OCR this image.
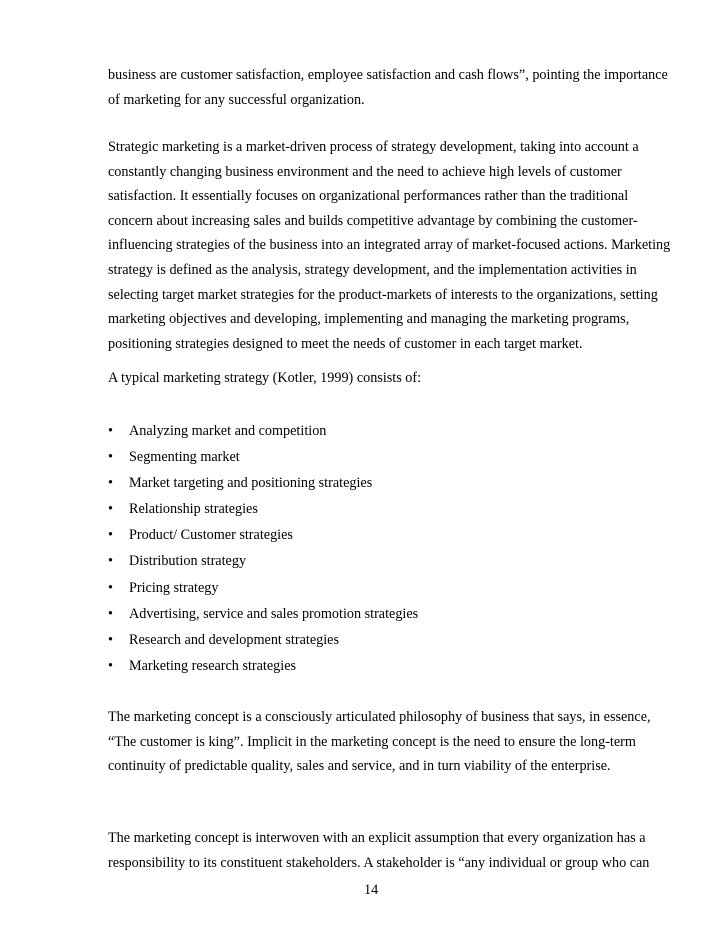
business are customer satisfaction, employee satisfaction and cash flows”, pointing the importance
of marketing for any successful organization.
Strategic marketing is a market-driven process of strategy development, taking into account a
constantly changing business environment and the need to achieve high levels of customer
satisfaction. It essentially focuses on organizational performances rather than the traditional
concern about increasing sales and builds competitive advantage by combining the customer-
influencing strategies of the business into an integrated array of market-focused actions. Marketing
strategy is defined as the analysis, strategy development, and the implementation activities in
selecting target market strategies for the product-markets of interests to the organizations, setting
marketing objectives and developing, implementing and managing the marketing programs,
positioning strategies designed to meet the needs of customer in each target market.
A typical marketing strategy (Kotler, 1999) consists of:
•	Analyzing market and competition
•	Segmenting market
•	Market targeting and positioning strategies
•	Relationship strategies
•	Product/ Customer strategies
•	Distribution strategy
•	Pricing strategy
•	Advertising, service and sales promotion strategies
•	Research and development strategies
•	Marketing research strategies
The marketing concept is a consciously articulated philosophy of business that says, in essence,
“The customer is king”. Implicit in the marketing concept is the need to ensure the long-term
continuity of predictable quality, sales and service, and in turn viability of the enterprise.
The marketing concept is interwoven with an explicit assumption that every organization has a
responsibility to its constituent stakeholders. A stakeholder is “any individual or group who can
14
